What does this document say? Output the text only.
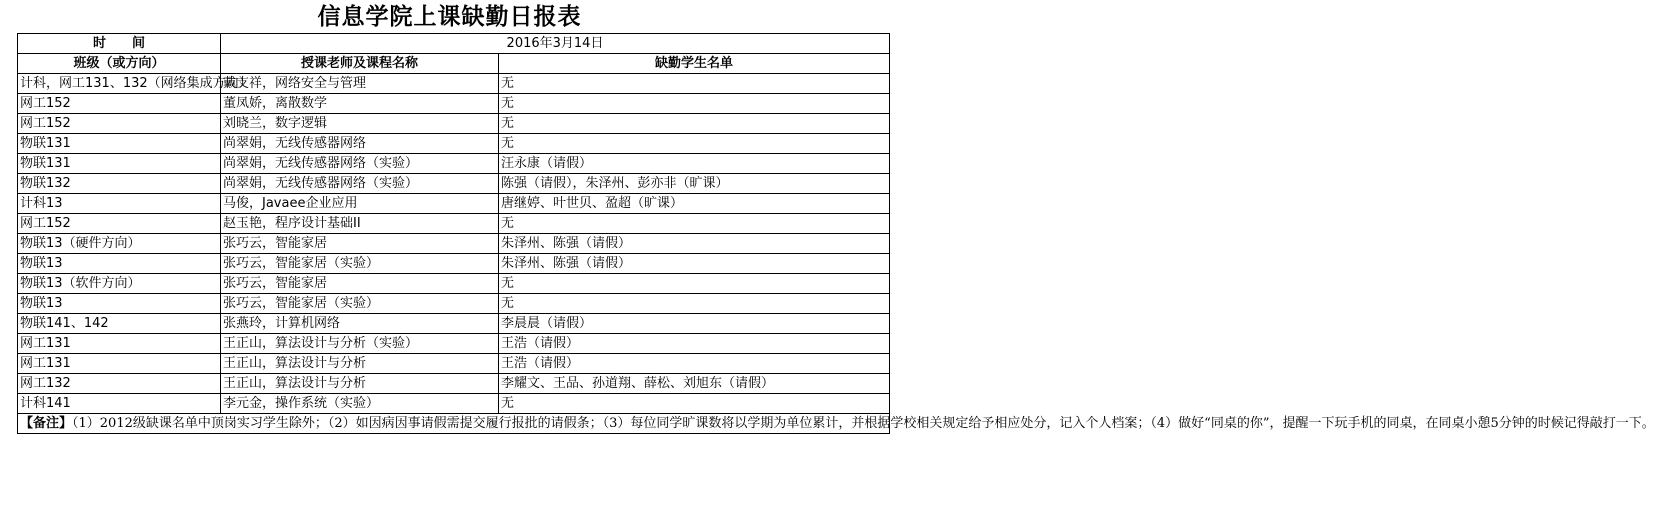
信息学院上课缺勤日报表
时　　间	2016年3月14日	
班级（或方向）	授课老师及课程名称	缺勤学生名单
计科，网工131、132（网络集成方向）	戴支祥，网络安全与管理	无
网工152	董凤娇，离散数学	无
网工152	刘晓兰，数字逻辑	无
物联131	尚翠娟，无线传感器网络	无
物联131	尚翠娟，无线传感器网络（实验）	汪永康（请假）
物联132	尚翠娟，无线传感器网络（实验）	陈强（请假），朱泽州、彭亦非（旷课）
计科13	马俊，Javaee企业应用	唐继婷、叶世贝、盈超（旷课）
网工152	赵玉艳，程序设计基础II	无
物联13（硬件方向）	张巧云，智能家居	朱泽州、陈强（请假）
物联13	张巧云，智能家居（实验）	朱泽州、陈强（请假）
物联13（软件方向）	张巧云，智能家居	无
物联13	张巧云，智能家居（实验）	无
物联141、142	张燕玲，计算机网络	李晨晨（请假）
网工131	王正山，算法设计与分析（实验）	王浩（请假）
网工131	王正山，算法设计与分析	王浩（请假）
网工132	王正山，算法设计与分析	李耀文、王品、孙道翔、薛松、刘旭东（请假）
计科141	李元金，操作系统（实验）	无
【备注】（1）2012级缺课名单中顶岗实习学生除外；（2）如因病因事请假需提交履行报批的请假条；（3）每位同学旷课数将以学期为单位累计，并根据学校相关规定给予相应处分，记入个人档案；（4）做好“同桌的你”，提醒一下玩手机的同桌，在同桌小憩5分钟的时候记得敲打一下。		
